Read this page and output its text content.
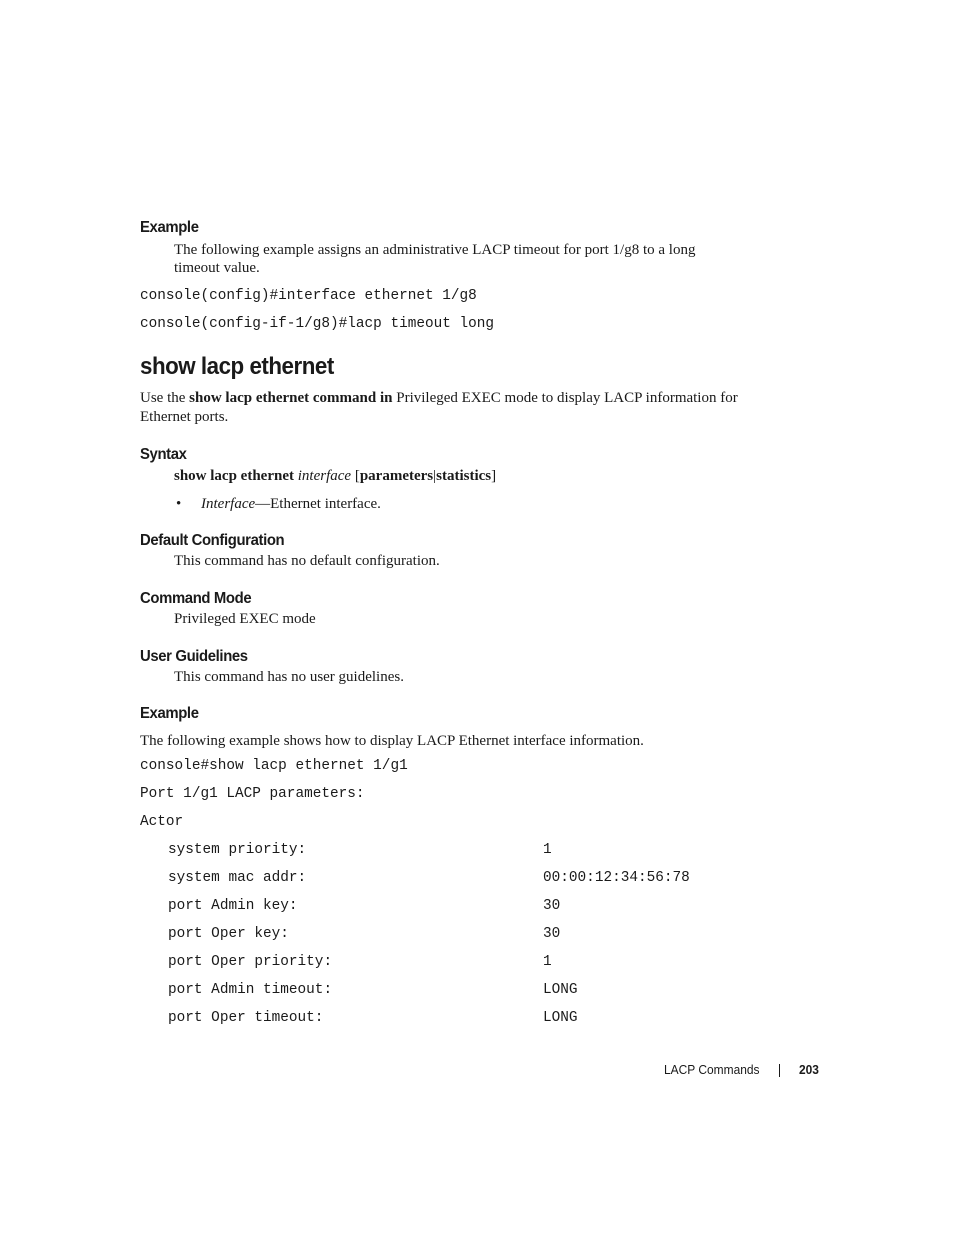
Example
The following example assigns an administrative LACP timeout for port 1/g8 to a long
timeout value.
console(config)#interface ethernet 1/g8
console(config-if-1/g8)#lacp timeout long
show lacp ethernet
Use the show lacp ethernet command in Privileged EXEC mode to display LACP information for
Ethernet ports.
Syntax
show lacp ethernet interface [parameters|statistics]
• Interface—Ethernet interface.
Default Configuration
This command has no default configuration.
Command Mode
Privileged EXEC mode
User Guidelines
This command has no user guidelines.
Example
The following example shows how to display LACP Ethernet interface information.
console#show lacp ethernet 1/g1
Port 1/g1 LACP parameters:
Actor
system priority:	1
system mac addr:	00:00:12:34:56:78
port Admin key:	30
port Oper key:	30
port Oper priority:	1
port Admin timeout:	LONG
port Oper timeout:	LONG
LACP Commands	203
